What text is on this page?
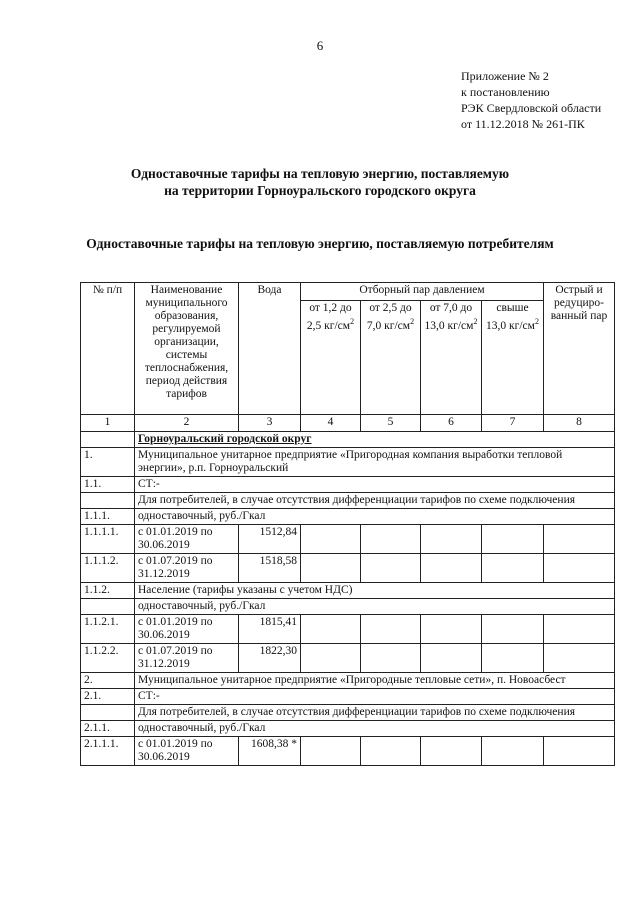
6
Приложение № 2
к постановлению
РЭК Свердловской области
от 11.12.2018 № 261-ПК
Одноставочные тарифы на тепловую энергию, поставляемую
на территории Горноуральского городского округа
Одноставочные тарифы на тепловую энергию, поставляемую потребителям
№ п/п	Наименование муниципального образования, регулируемой организации, системы теплоснабжения, период действия тарифов	Вода	Отборный пар давлением				Острый и редуциро-ванный пар
			от 1,2 до 2,5 $кг/см^2$	от 2,5 до 7,0 $кг/см^2$	от 7,0 до 13,0 $кг/см^2$	свыше 13,0 $кг/см^2$
1	2	3	4	5	6	7	8
	Горноуральский городской округ						
1.	Муниципальное унитарное предприятие «Пригородная компания выработки тепловой энергии», р.п. Горноуральский						
1.1.	СТ:-						
	Для потребителей, в случае отсутствия дифференциации тарифов по схеме подключения						
1.1.1.	одноставочный, руб./Гкал						
1.1.1.1.	с 01.01.2019 по 30.06.2019	1512,84					
1.1.1.2.	с 01.07.2019 по 31.12.2019	1518,58					
1.1.2.	Население (тарифы указаны с учетом НДС)						
	одноставочный, руб./Гкал						
1.1.2.1.	с 01.01.2019 по 30.06.2019	1815,41					
1.1.2.2.	с 01.07.2019 по 31.12.2019	1822,30					
2.	Муниципальное унитарное предприятие «Пригородные тепловые сети», п. Новоасбест						
2.1.	СТ:-						
	Для потребителей, в случае отсутствия дифференциации тарифов по схеме подключения						
2.1.1.	одноставочный, руб./Гкал						
2.1.1.1.	с 01.01.2019 по 30.06.2019	1608,38 *					
